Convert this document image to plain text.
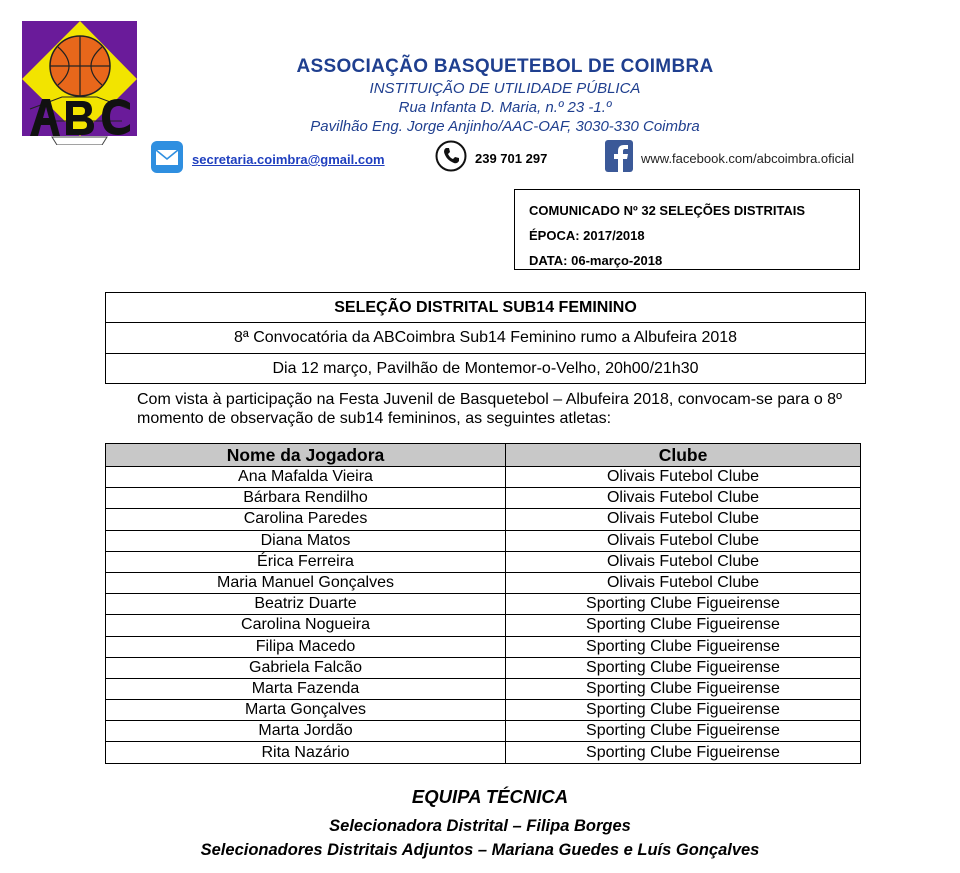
ASSOCIAÇÃO BASQUETEBOL DE COIMBRA
INSTITUIÇÃO DE UTILIDADE PÚBLICA
Rua Infanta D. Maria, n.º 23 -1.º
Pavilhão Eng. Jorge Anjinho/AAC-OAF, 3030-330 Coimbra
secretaria.coimbra@gmail.com	239 701 297	www.facebook.com/abcoimbra.oficial
COMUNICADO Nº 32 SELEÇÕES DISTRITAIS
ÉPOCA: 2017/2018
DATA: 06-março-2018
SELEÇÃO DISTRITAL SUB14 FEMININO
8ª Convocatória da ABCoimbra Sub14 Feminino rumo a Albufeira 2018
Dia 12 março, Pavilhão de Montemor-o-Velho, 20h00/21h30
Com vista à participação na Festa Juvenil de Basquetebol – Albufeira 2018, convocam-se para o 8º momento de observação de sub14 femininos, as seguintes atletas:
Nome da Jogadora	Clube
Ana Mafalda Vieira	Olivais Futebol Clube
Bárbara Rendilho	Olivais Futebol Clube
Carolina Paredes	Olivais Futebol Clube
Diana Matos	Olivais Futebol Clube
Érica Ferreira	Olivais Futebol Clube
Maria Manuel Gonçalves	Olivais Futebol Clube
Beatriz Duarte	Sporting Clube Figueirense
Carolina Nogueira	Sporting Clube Figueirense
Filipa Macedo	Sporting Clube Figueirense
Gabriela Falcão	Sporting Clube Figueirense
Marta Fazenda	Sporting Clube Figueirense
Marta Gonçalves	Sporting Clube Figueirense
Marta Jordão	Sporting Clube Figueirense
Rita Nazário	Sporting Clube Figueirense
EQUIPA TÉCNICA
Selecionadora Distrital – Filipa Borges
Selecionadores Distritais Adjuntos – Mariana Guedes e Luís Gonçalves
